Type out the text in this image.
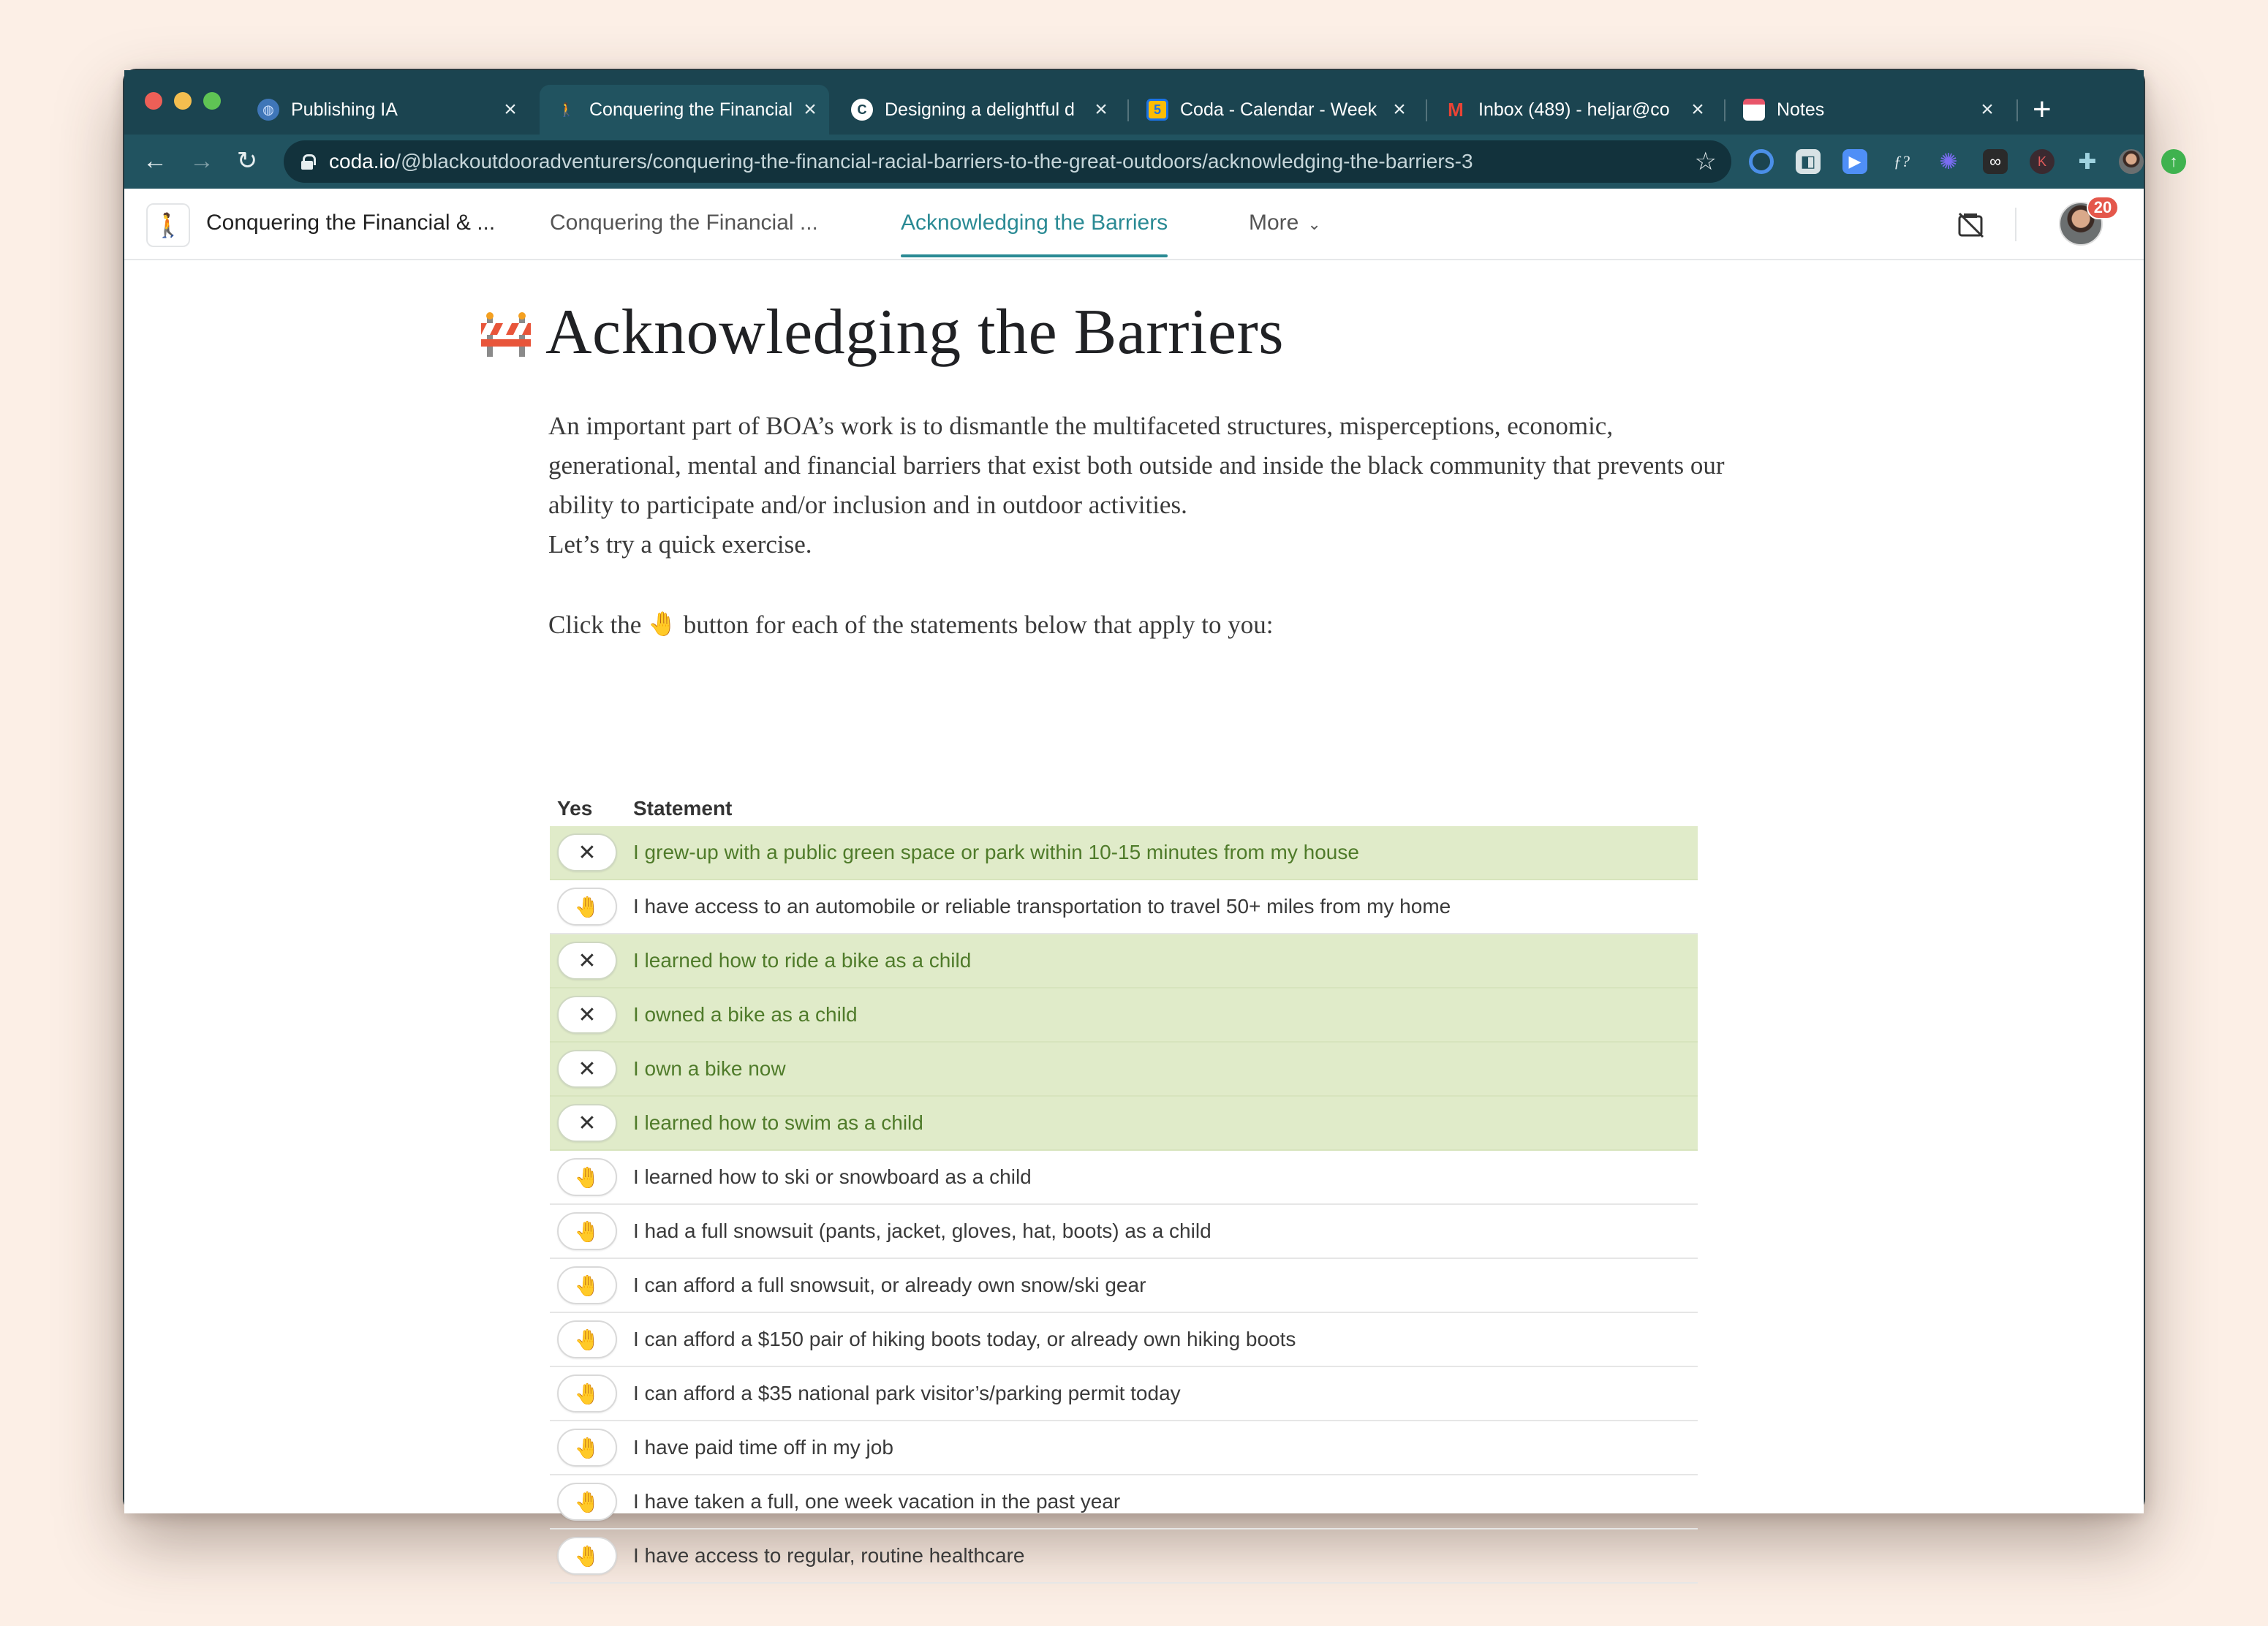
◍ Publishing IA	×	🚶 Conquering the Financial ×	C Designing a delightful d ×	5	Coda - Calendar - Week × M Inbox (489) - heljar@co ×	Notes	× +
← → ↻	coda.io/@blackoutdooradventurers/conquering-the-financial-racial-barriers-to-the-great-outdoors/acknowledging-the-barriers-3	☆	◧	▶	ƒ? ✺	∞	K	✚	↑
🚶	Conquering the Financial & ... Conquering the Financial ...	Acknowledging the Barriers	More ⌄
20
Acknowledging the Barriers
An important part of BOA’s work is to dismantle the multifaceted structures, misperceptions, economic, generational, mental and financial barriers that exist both outside and inside the black community that prevents our ability to participate and/or inclusion and in outdoor activities.
Let’s try a quick exercise.
Click the 🤚 button for each of the statements below that apply to you:
Yes	Statement
✕ I grew-up with a public green space or park within 10-15 minutes from my house
🤚 I have access to an automobile or reliable transportation to travel 50+ miles from my home
✕ I learned how to ride a bike as a child
✕ I owned a bike as a child
✕ I own a bike now
✕ I learned how to swim as a child
🤚 I learned how to ski or snowboard as a child
🤚 I had a full snowsuit (pants, jacket, gloves, hat, boots) as a child
🤚 I can afford a full snowsuit, or already own snow/ski gear
🤚 I can afford a $150 pair of hiking boots today, or already own hiking boots
🤚 I can afford a $35 national park visitor’s/parking permit today
🤚 I have paid time off in my job
🤚 I have taken a full, one week vacation in the past year
🤚 I have access to regular, routine healthcare
